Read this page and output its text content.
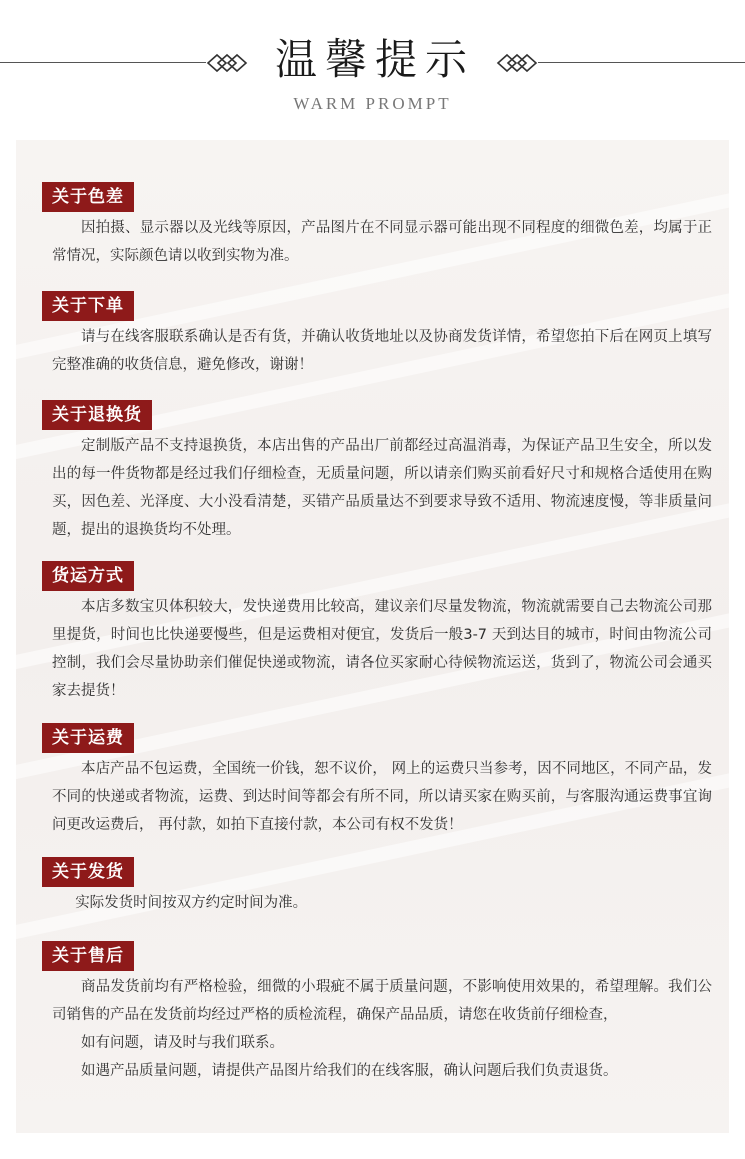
温馨提示
WARM PROMPT
关于色差
因拍摄、显示器以及光线等原因，产品图片在不同显示器可能出现不同程度的细微色差，均属于正常情况，实际颜色请以收到实物为准。
关于下单
请与在线客服联系确认是否有货，并确认收货地址以及协商发货详情，希望您拍下后在网页上填写完整准确的收货信息，避免修改，谢谢！
关于退换货
定制版产品不支持退换货，本店出售的产品出厂前都经过高温消毒，为保证产品卫生安全，所以发出的每一件货物都是经过我们仔细检查，无质量问题，所以请亲们购买前看好尺寸和规格合适使用在购买，因色差、光泽度、大小没看清楚，买错产品质量达不到要求导致不适用、物流速度慢，等非质量问题，提出的退换货均不处理。
货运方式
本店多数宝贝体积较大，发快递费用比较高，建议亲们尽量发物流，物流就需要自己去物流公司那里提货，时间也比快递要慢些，但是运费相对便宜，发货后一般3-7 天到达目的城市，时间由物流公司控制，我们会尽量协助亲们催促快递或物流，请各位买家耐心待候物流运送，货到了，物流公司会通买家去提货！
关于运费
本店产品不包运费，全国统一价钱，恕不议价， 网上的运费只当参考，因不同地区，不同产品，发不同的快递或者物流，运费、到达时间等都会有所不同，所以请买家在购买前，与客服沟通运费事宜询问更改运费后， 再付款，如拍下直接付款，本公司有权不发货！
关于发货
实际发货时间按双方约定时间为准。
关于售后

商品发货前均有严格检验，细微的小瑕疵不属于质量问题，不影响使用效果的，希望理解。我们公司销售的产品在发货前均经过严格的质检流程，确保产品品质，请您在收货前仔细检查，

如有问题，请及时与我们联系。

如遇产品质量问题，请提供产品图片给我们的在线客服，确认问题后我们负责退货。
